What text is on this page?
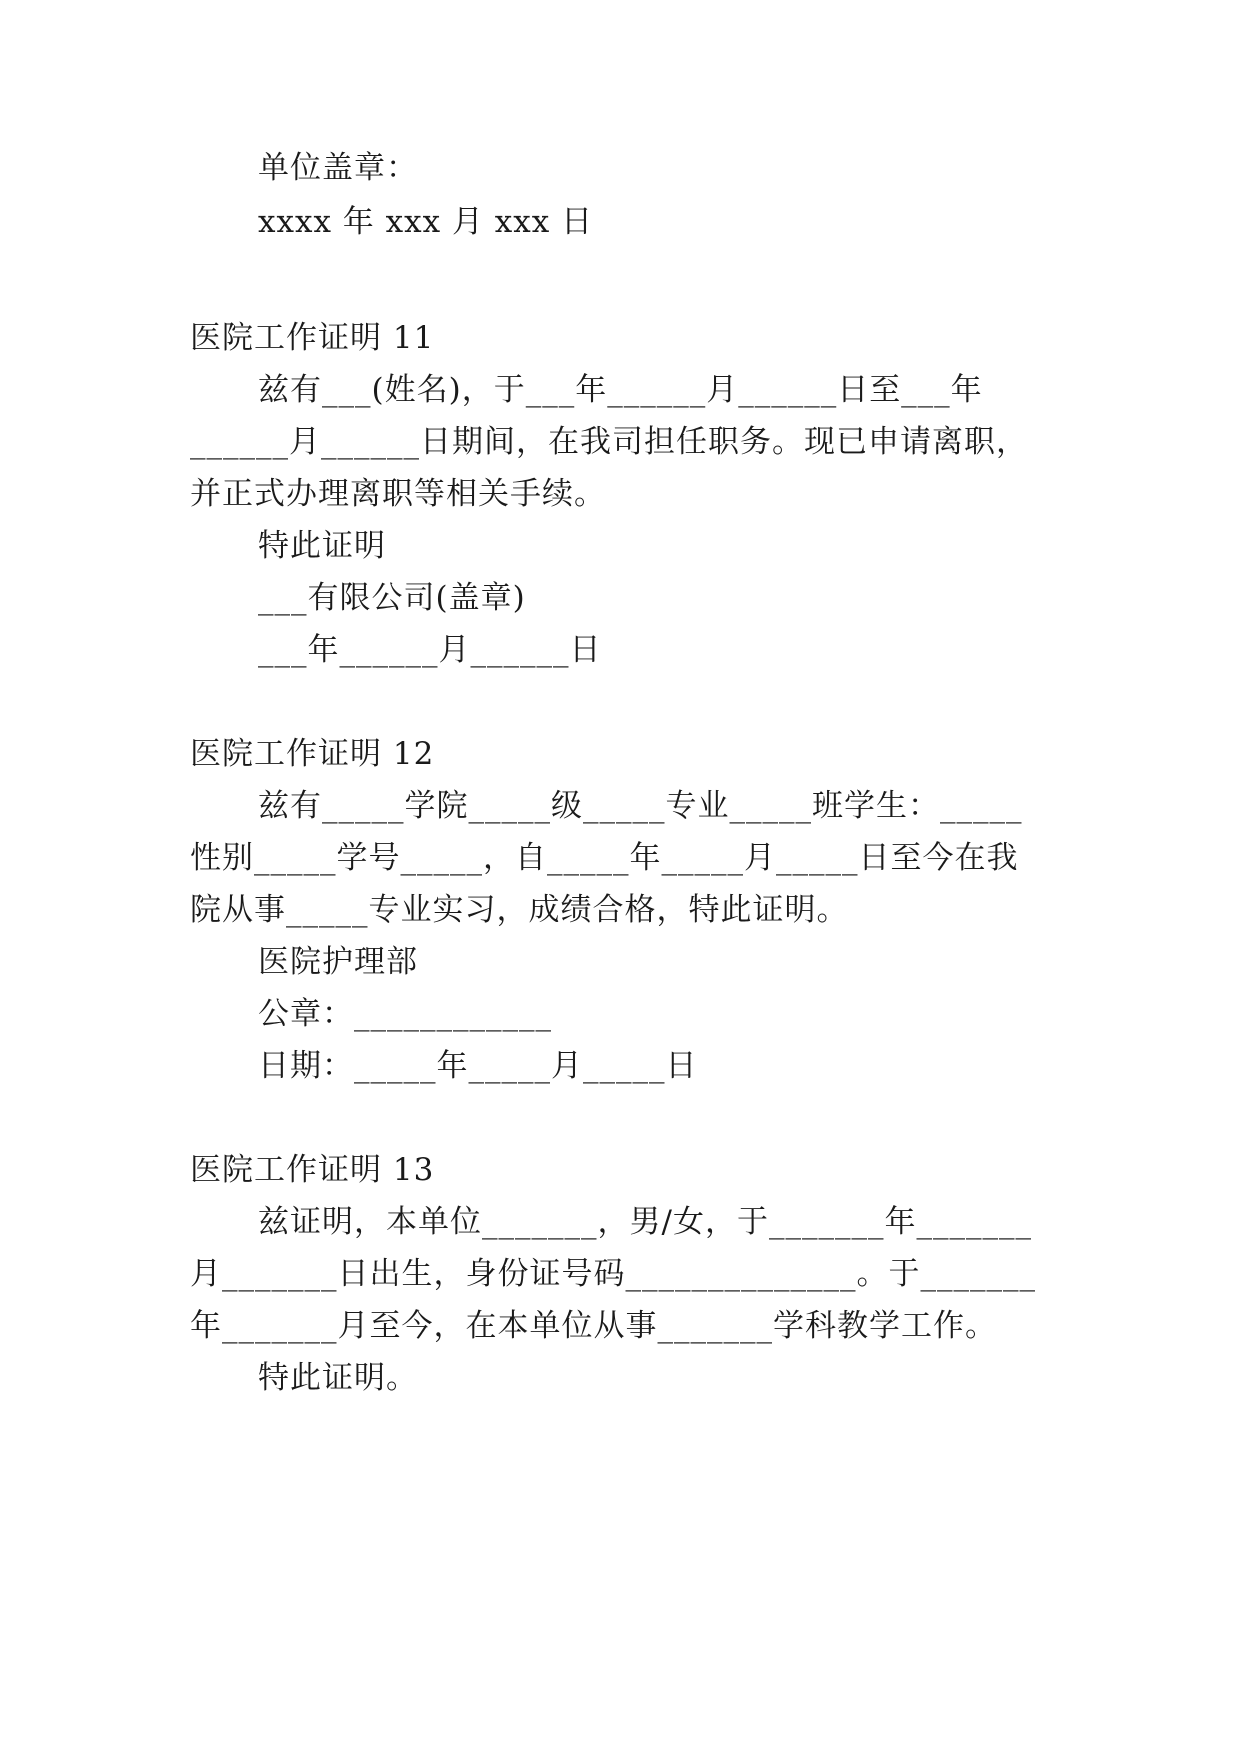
单位盖章：
xxxx 年 xxx 月 xxx 日
医院工作证明 11
兹有___(姓名)，于___年______月______日至___年
______月______日期间，在我司担任职务。现已申请离职，
并正式办理离职等相关手续。
特此证明
___有限公司(盖章)
___年______月______日
医院工作证明 12
兹有_____学院_____级_____专业_____班学生：_____
性别_____学号_____，自_____年_____月_____日至今在我
院从事_____专业实习，成绩合格，特此证明。
医院护理部
公章：____________
日期：_____年_____月_____日
医院工作证明 13
兹证明，本单位_______，男/女，于_______年_______
月_______日出生，身份证号码______________。于_______
年_______月至今，在本单位从事_______学科教学工作。
特此证明。
